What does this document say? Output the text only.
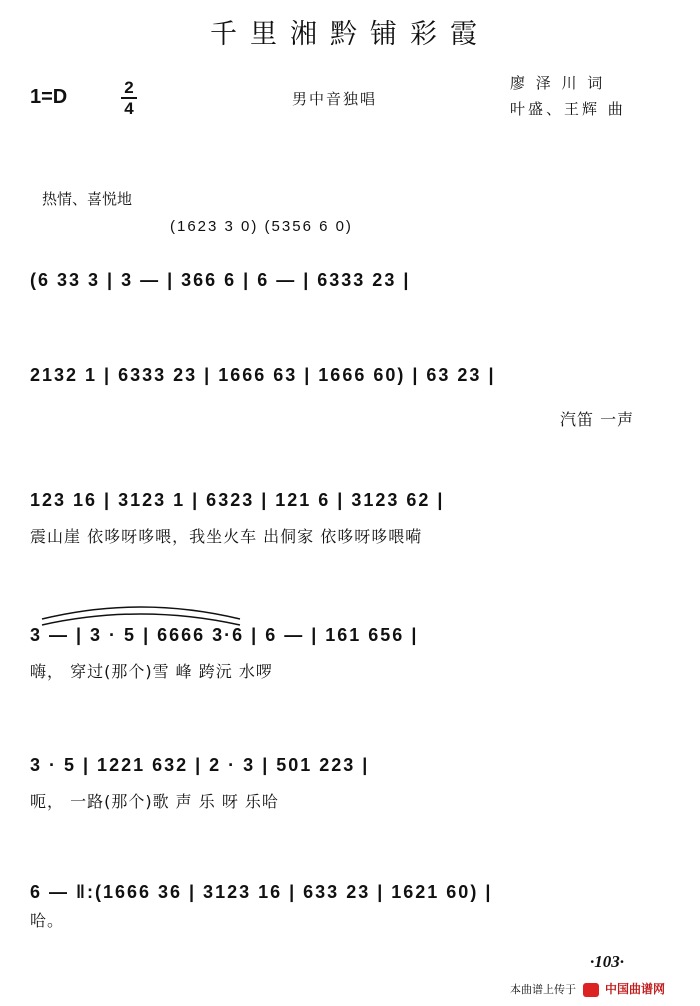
千里湘黔铺彩霞
1=D	2
4	男中音独唱
廖 泽 川 词
叶盛、王辉 曲
热情、喜悦地
(1623 3 0) (5356 6 0)
(6 33 3 | 3 — | 366 6 | 6 — | 6333 23 |
2132 1 | 6333 23 | 1666 63 | 1666 60) | 63 23 |
汽笛 一声
123 16 | 3123 1 | 6323 | 121 6 | 3123 62 |
震山崖 依哆呀哆喂，我坐火车 出侗家 依哆呀哆喂嗬
3 — | 3 · 5 | 6666 3·6 | 6 — | 161 656 |
嗨， 穿过(那个)雪 峰 跨沅 水啰
3 · 5 | 1221 632 | 2 · 3 | 501 223 |
呃， 一路(那个)歌 声 乐 呀 乐哈
6 — ‖:(1666 36 | 3123 16 | 633 23 | 1621 60) |
哈。
·103·
本曲谱上传于 中国曲谱网
